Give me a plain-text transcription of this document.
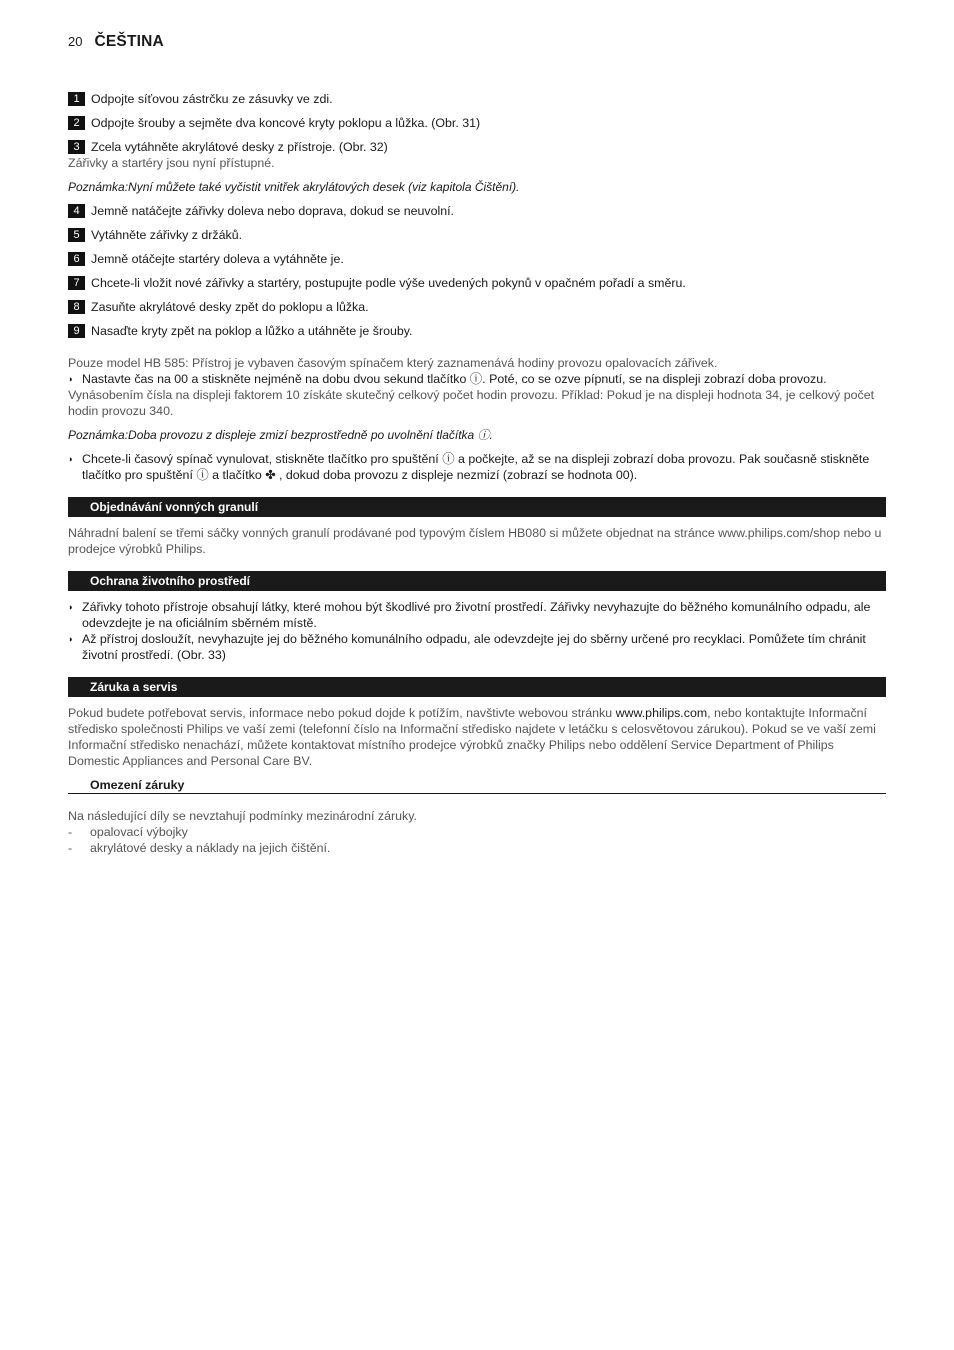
20 ČEŠTINA
1 Odpojte síťovou zástrčku ze zásuvky ve zdi.
2 Odpojte šrouby a sejměte dva koncové kryty poklopu a lůžka. (Obr. 31)
3 Zcela vytáhněte akrylátové desky z přístroje. (Obr. 32)

Zářivky a startéry jsou nyní přístupné.

Poznámka:Nyní můžete také vyčistit vnitřek akrylátových desek (viz kapitola Čištění).

4 Jemně natáčejte zářivky doleva nebo doprava, dokud se neuvolní.
5 Vytáhněte zářivky z držáků.
6 Jemně otáčejte startéry doleva a vytáhněte je.
7 Chcete-li vložit nové zářivky a startéry, postupujte podle výše uvedených pokynů v opačném pořadí a směru.
8 Zasuňte akrylátové desky zpět do poklopu a lůžka.
9 Nasaďte kryty zpět na poklop a lůžko a utáhněte je šrouby.

Pouze model HB 585: Přístroj je vybaven časovým spínačem který zaznamenává hodiny provozu opalovacích zářivek.

◗ Nastavte čas na 00 a stiskněte nejméně na dobu dvou sekund tlačítko ⓘ. Poté, co se ozve pípnutí, se na displeji zobrazí doba provozu.

Vynásobením čísla na displeji faktorem 10 získáte skutečný celkový počet hodin provozu. Příklad: Pokud je na displeji hodnota 34, je celkový počet hodin provozu 340.

Poznámka:Doba provozu z displeje zmizí bezprostředně po uvolnění tlačítka ⓘ.

◗ Chcete-li časový spínač vynulovat, stiskněte tlačítko pro spuštění ⓘ a počkejte, až se na displeji zobrazí doba provozu. Pak současně stiskněte tlačítko pro spuštění ⓘ a tlačítko ✤ , dokud doba provozu z displeje nezmizí (zobrazí se hodnota 00).
Objednávání vonných granulí

Náhradní balení se třemi sáčky vonných granulí prodávané pod typovým číslem HB080 si můžete objednat na stránce www.philips.com/shop nebo u prodejce výrobků Philips.

Ochrana životního prostředí
◗ Zářivky tohoto přístroje obsahují látky, které mohou být škodlivé pro životní prostředí. Zářivky nevyhazujte do běžného komunálního odpadu, ale odevzdejte je na oficiálním sběrném místě.
◗ Až přístroj dosloužít, nevyhazujte jej do běžného komunálního odpadu, ale odevzdejte jej do sběrny určené pro recyklaci. Pomůžete tím chránit životní prostředí. (Obr. 33)
Záruka a servis

Pokud budete potřebovat servis, informace nebo pokud dojde k potížím, navštivte webovou stránku www.philips.com, nebo kontaktujte Informační středisko společnosti Philips ve vaší zemi (telefonní číslo na Informační středisko najdete v letáčku s celosvětovou zárukou). Pokud se ve vaší zemi Informační středisko nenachází, můžete kontaktovat místního prodejce výrobků značky Philips nebo oddělení Service Department of Philips Domestic Appliances and Personal Care BV.

Omezení záruky

Na následující díly se nevztahují podmínky mezinárodní záruky.

-	opalovací výbojky
-	akrylátové desky a náklady na jejich čištění.
